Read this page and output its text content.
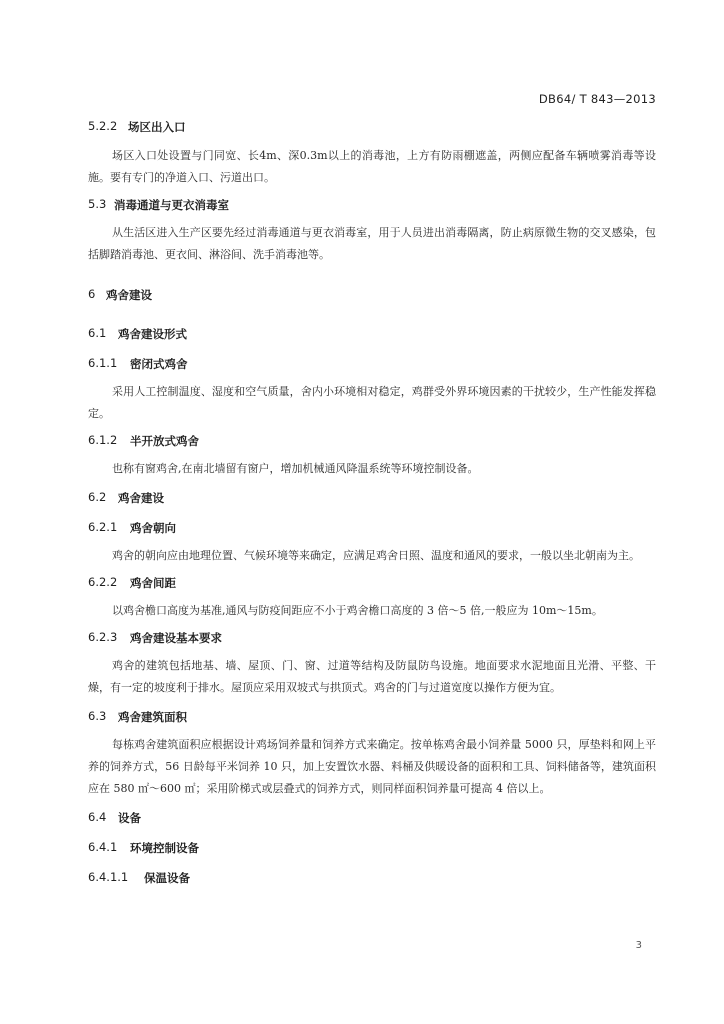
DB64/ T 843—2013
5.2.2 场区出入口

场区入口处设置与门同宽、长4m、深0.3m以上的消毒池，上方有防雨棚遮盖，两侧应配备车辆喷雾消毒等设施。要有专门的净道入口、污道出口。

5.3 消毒通道与更衣消毒室

从生活区进入生产区要先经过消毒通道与更衣消毒室，用于人员进出消毒隔离，防止病原微生物的交叉感染，包括脚踏消毒池、更衣间、淋浴间、洗手消毒池等。

6 鸡舍建设
6.1	鸡舍建设形式
6.1.1	密闭式鸡舍

采用人工控制温度、湿度和空气质量，舍内小环境相对稳定，鸡群受外界环境因素的干扰较少，生产性能发挥稳定。

6.1.2	半开放式鸡舍

也称有窗鸡舍,在南北墙留有窗户，增加机械通风降温系统等环境控制设备。

6.2	鸡舍建设
6.2.1	鸡舍朝向

鸡舍的朝向应由地理位置、气候环境等来确定，应满足鸡舍日照、温度和通风的要求，一般以坐北朝南为主。

6.2.2	鸡舍间距

以鸡舍檐口高度为基准,通风与防疫间距应不小于鸡舍檐口高度的 3 倍～5 倍,一般应为 10m～15m。

6.2.3	鸡舍建设基本要求

鸡舍的建筑包括地基、墙、屋顶、门、窗、过道等结构及防鼠防鸟设施。地面要求水泥地面且光滑、平整、干燥，有一定的坡度利于排水。屋顶应采用双坡式与拱顶式。鸡舍的门与过道宽度以操作方便为宜。

6.3	鸡舍建筑面积

每栋鸡舍建筑面积应根据设计鸡场饲养量和饲养方式来确定。按单栋鸡舍最小饲养量 5000 只，厚垫料和网上平养的饲养方式，56 日龄每平米饲养 10 只，加上安置饮水器、料桶及供暖设备的面积和工具、饲料储备等，建筑面积应在 580 ㎡～600 ㎡；采用阶梯式或层叠式的饲养方式，则同样面积饲养量可提高 4 倍以上。

6.4	设备
6.4.1	环境控制设备
6.4.1.1	保温设备
3
